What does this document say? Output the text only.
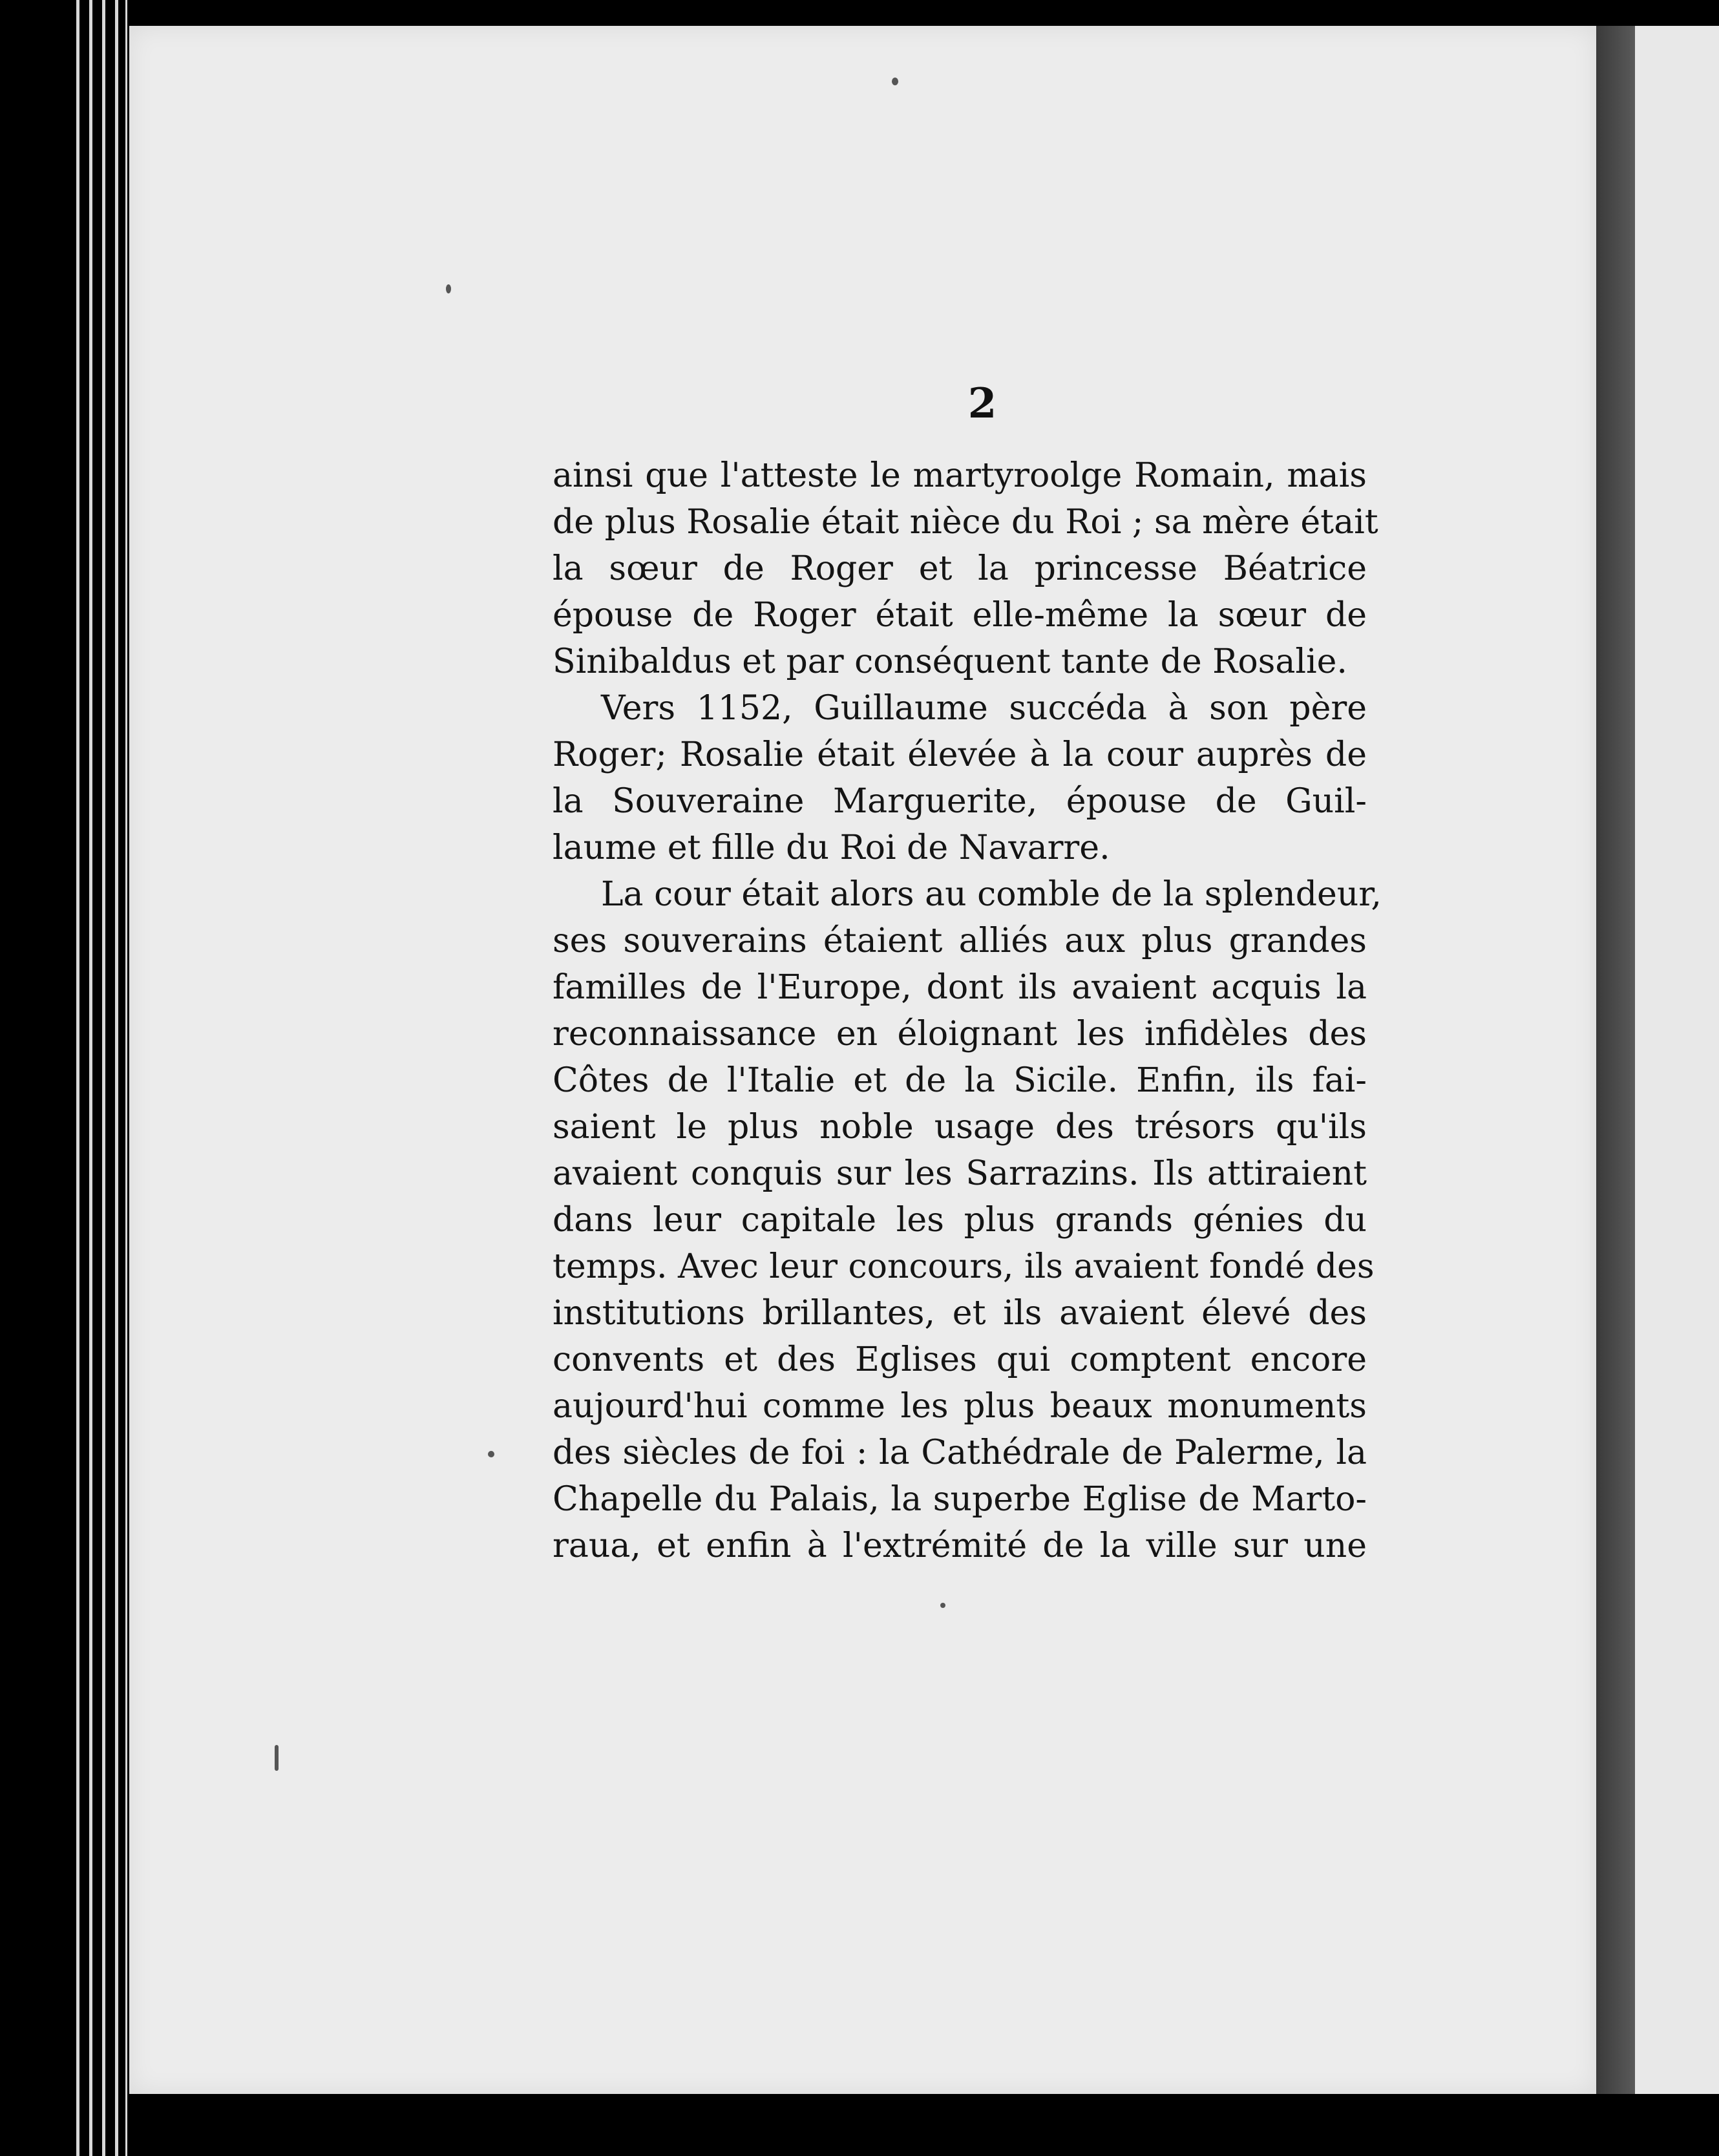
2
ainsi que l'atteste le martyroolge Romain, mais
de plus Rosalie était nièce du Roi ; sa mère était
la sœur de Roger et la princesse Béatrice
épouse de Roger était elle-même la sœur de
Sinibaldus et par conséquent tante de Rosalie.
Vers 1152, Guillaume succéda à son père
Roger; Rosalie était élevée à la cour auprès de
la Souveraine Marguerite, épouse de Guil-
laume et fille du Roi de Navarre.
La cour était alors au comble de la splendeur,
ses souverains étaient alliés aux plus grandes
familles de l'Europe, dont ils avaient acquis la
reconnaissance en éloignant les infidèles des
Côtes de l'Italie et de la Sicile. Enfin, ils fai-
saient le plus noble usage des trésors qu'ils
avaient conquis sur les Sarrazins. Ils attiraient
dans leur capitale les plus grands génies du
temps. Avec leur concours, ils avaient fondé des
institutions brillantes, et ils avaient élevé des
convents et des Eglises qui comptent encore
aujourd'hui comme les plus beaux monuments
des siècles de foi : la Cathédrale de Palerme, la
Chapelle du Palais, la superbe Eglise de Marto-
raua, et enfin à l'extrémité de la ville sur une
